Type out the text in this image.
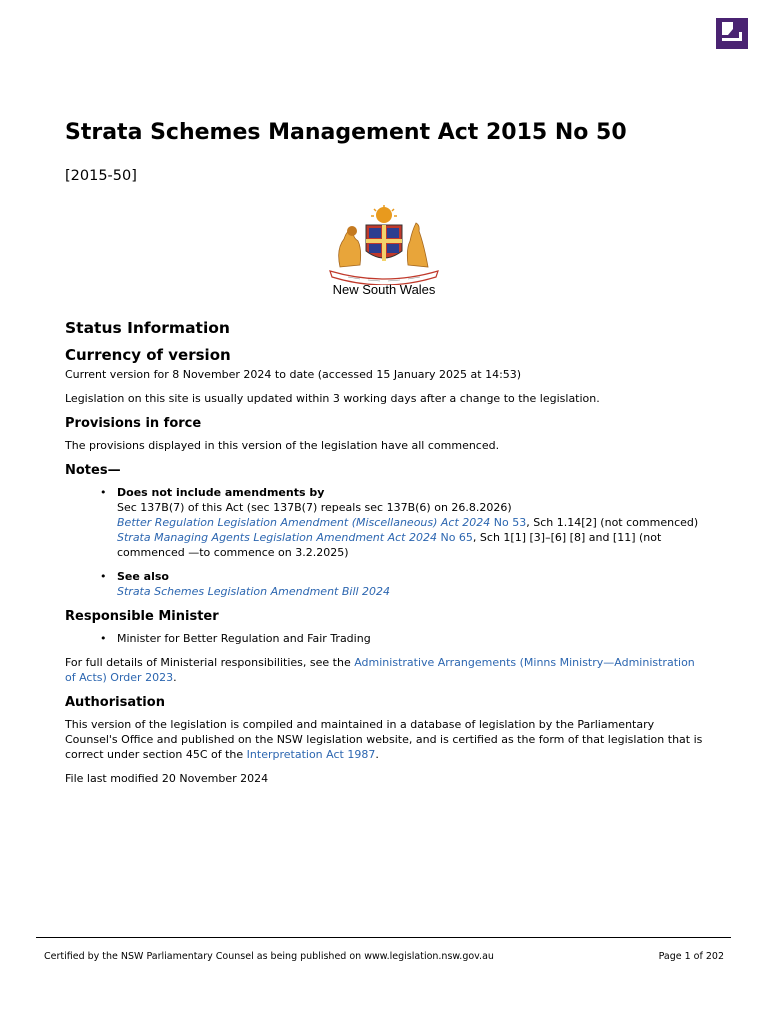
Strata Schemes Management Act 2015 No 50
[2015-50]
New South Wales
Status Information
Currency of version

Current version for 8 November 2024 to date (accessed 15 January 2025 at 14:53)

Legislation on this site is usually updated within 3 working days after a change to the legislation.

Provisions in force

The provisions displayed in this version of the legislation have all commenced.

Notes—
• Does not include amendments by
Sec 137B(7) of this Act (sec 137B(7) repeals sec 137B(6) on 26.8.2026)
Better Regulation Legislation Amendment (Miscellaneous) Act 2024 No 53, Sch 1.14[2] (not commenced)
Strata Managing Agents Legislation Amendment Act 2024 No 65, Sch 1[1] [3]–[6] [8] and [11] (not commenced —to commence on 3.2.2025)
• See also
Strata Schemes Legislation Amendment Bill 2024
Responsible Minister
• Minister for Better Regulation and Fair Trading

For full details of Ministerial responsibilities, see the Administrative Arrangements (Minns Ministry—Administration of Acts) Order 2023.

Authorisation

This version of the legislation is compiled and maintained in a database of legislation by the Parliamentary Counsel's Office and published on the NSW legislation website, and is certified as the form of that legislation that is correct under section 45C of the Interpretation Act 1987.

File last modified 20 November 2024

Certified by the NSW Parliamentary Counsel as being published on www.legislation.nsw.gov.au	Page 1 of 202
